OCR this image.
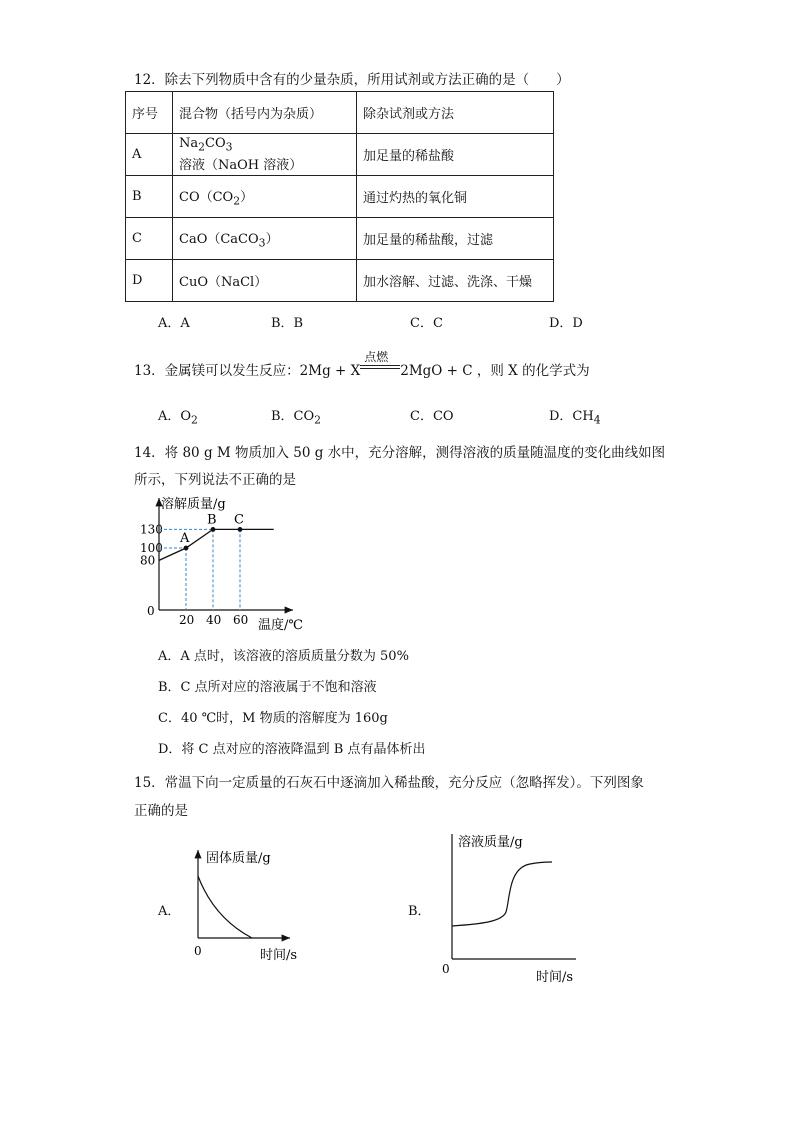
12．除去下列物质中含有的少量杂质，所用试剂或方法正确的是（　　）
序号	混合物（括号内为杂质）	除杂试剂或方法
A	$Na_2CO_3$ 溶液（NaOH 溶液）	加足量的稀盐酸
B	$CO(CO_2)$	通过灼热的氧化铜
C	CaO（CaCO$_3$）	加足量的稀盐酸，过滤
D	CuO（NaCl）	加水溶解、过滤、洗涤、干燥
A．A	B．B	C．C	D．D
13．金属镁可以发生反应：2Mg + X
点燃
2MgO + C ，则 X 的化学式为
A．$O_2$	B．$CO_2$	C．CO	D．$CH_4$
14．将 80 g M 物质加入 50 g 水中，充分溶解，测得溶液的质量随温度的变化曲线如图
所示，下列说法不正确的是
溶解质量/g
温度/℃
0
80
100
130
20 40 60
A
B C
A．A 点时，该溶液的溶质质量分数为 50%
B．C 点所对应的溶液属于不饱和溶液
C．40 ℃时，M 物质的溶解度为 160g
D．将 C 点对应的溶液降温到 B 点有晶体析出
15．常温下向一定质量的石灰石中逐滴加入稀盐酸，充分反应（忽略挥发）。下列图象
正确的是
A．
固体质量/g
0	时间/s
B．
溶液质量/g
0
时间/s
